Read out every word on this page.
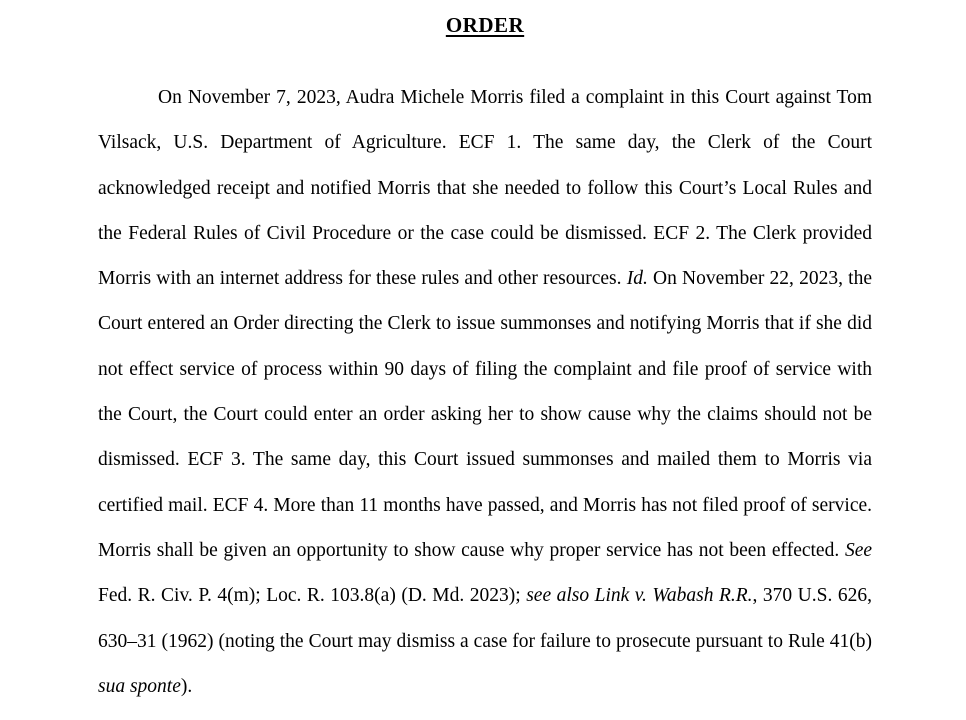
ORDER
On November 7, 2023, Audra Michele Morris filed a complaint in this Court against Tom
Vilsack, U.S. Department of Agriculture. ECF 1. The same day, the Clerk of the Court
acknowledged receipt and notified Morris that she needed to follow this Court’s Local Rules and
the Federal Rules of Civil Procedure or the case could be dismissed. ECF 2. The Clerk provided
Morris with an internet address for these rules and other resources. Id. On November 22, 2023, the
Court entered an Order directing the Clerk to issue summonses and notifying Morris that if she did
not effect service of process within 90 days of filing the complaint and file proof of service with
the Court, the Court could enter an order asking her to show cause why the claims should not be
dismissed. ECF 3. The same day, this Court issued summonses and mailed them to Morris via
certified mail. ECF 4. More than 11 months have passed, and Morris has not filed proof of service.
Morris shall be given an opportunity to show cause why proper service has not been effected. See
Fed. R. Civ. P. 4(m); Loc. R. 103.8(a) (D. Md. 2023); see also Link v. Wabash R.R., 370 U.S. 626,
630–31 (1962) (noting the Court may dismiss a case for failure to prosecute pursuant to Rule 41(b)
sua sponte).
